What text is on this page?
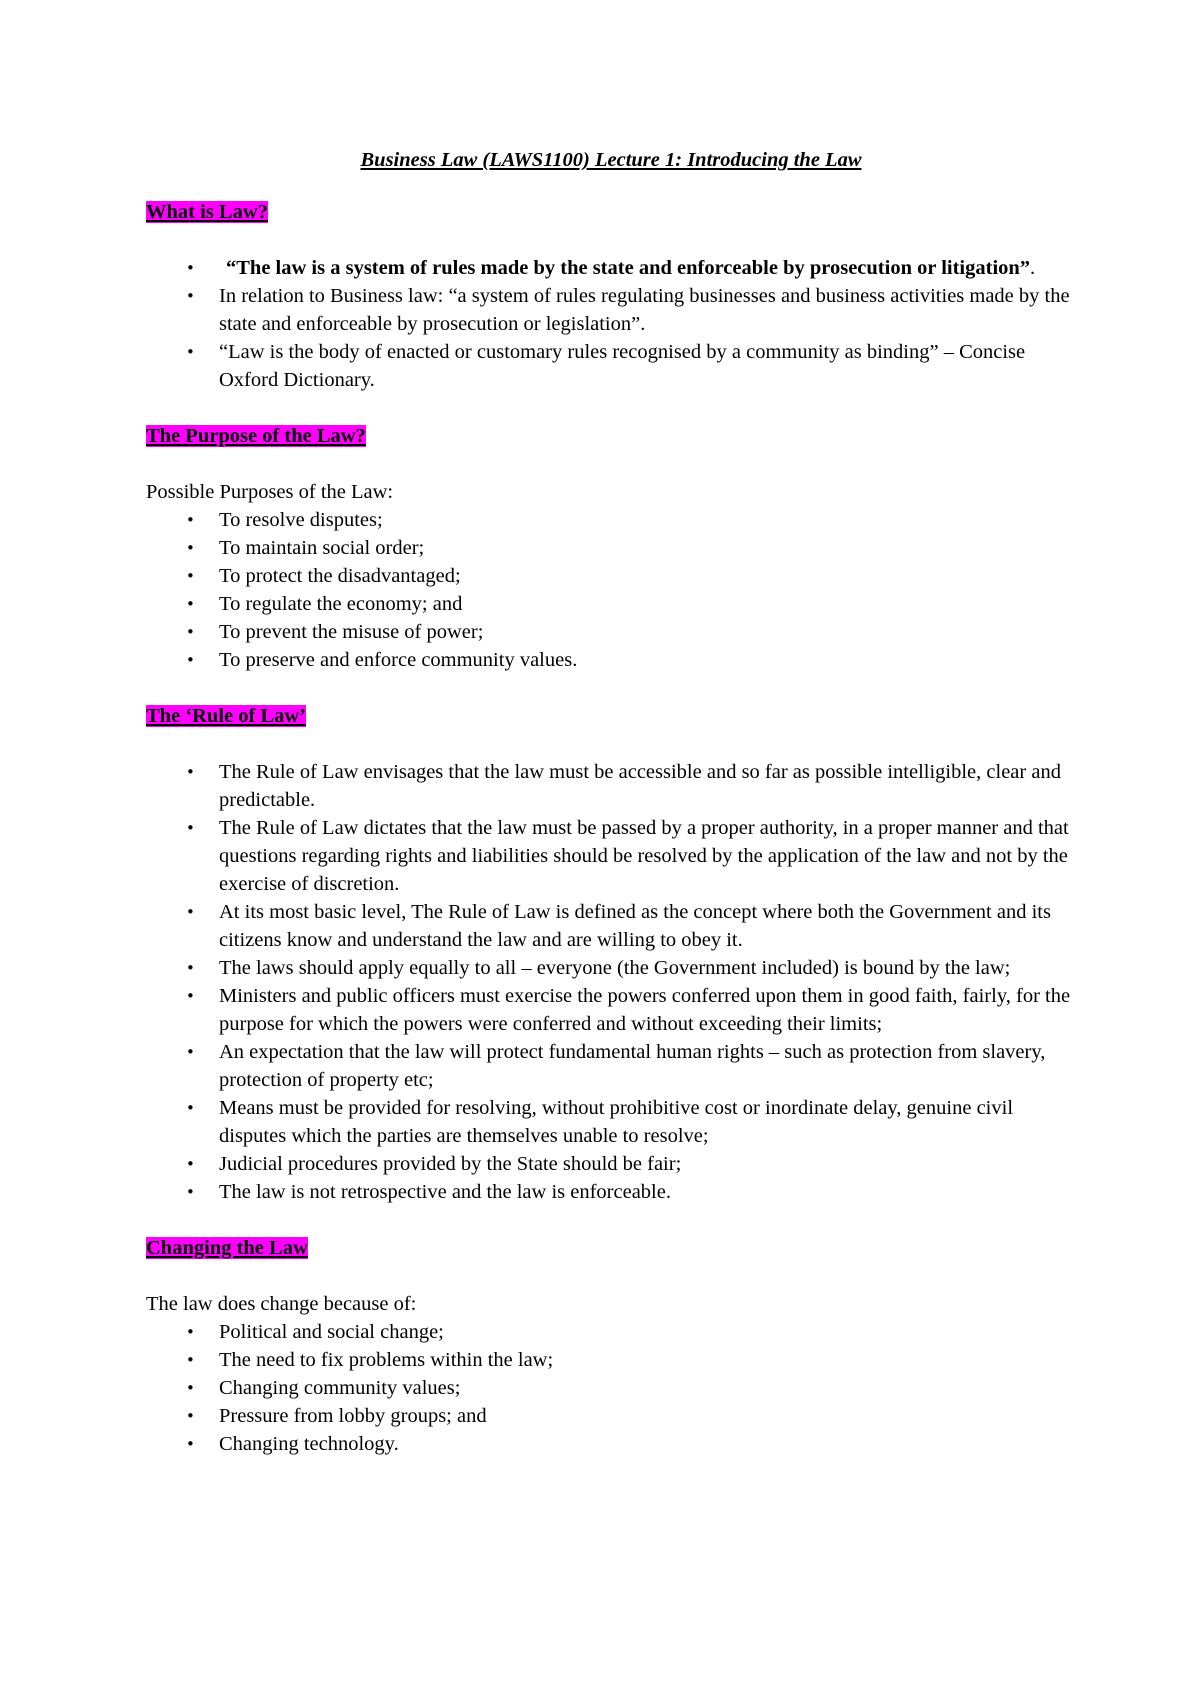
Business Law (LAWS1100) Lecture 1: Introducing the Law
What is Law?
•
“The law is a system of rules made by the state and enforceable by prosecution or litigation”.
•
In relation to Business law: “a system of rules regulating businesses and business activities made by the state and enforceable by prosecution or legislation”.
•
“Law is the body of enacted or customary rules recognised by a community as binding” – Concise Oxford Dictionary.
The Purpose of the Law?

Possible Purposes of the Law:

•
To resolve disputes;
•
To maintain social order;
•
To protect the disadvantaged;
•
To regulate the economy; and
•
To prevent the misuse of power;
•
To preserve and enforce community values.
The ‘Rule of Law’
•
The Rule of Law envisages that the law must be accessible and so far as possible intelligible, clear and predictable.
•
The Rule of Law dictates that the law must be passed by a proper authority, in a proper manner and that questions regarding rights and liabilities should be resolved by the application of the law and not by the exercise of discretion.
•
At its most basic level, The Rule of Law is defined as the concept where both the Government and its citizens know and understand the law and are willing to obey it.
•
The laws should apply equally to all – everyone (the Government included) is bound by the law;
•
Ministers and public officers must exercise the powers conferred upon them in good faith, fairly, for the purpose for which the powers were conferred and without exceeding their limits;
•
An expectation that the law will protect fundamental human rights – such as protection from slavery, protection of property etc;
•
Means must be provided for resolving, without prohibitive cost or inordinate delay, genuine civil disputes which the parties are themselves unable to resolve;
•
Judicial procedures provided by the State should be fair;
•
The law is not retrospective and the law is enforceable.
Changing the Law

The law does change because of:

•
Political and social change;
•
The need to fix problems within the law;
•
Changing community values;
•
Pressure from lobby groups; and
•
Changing technology.
